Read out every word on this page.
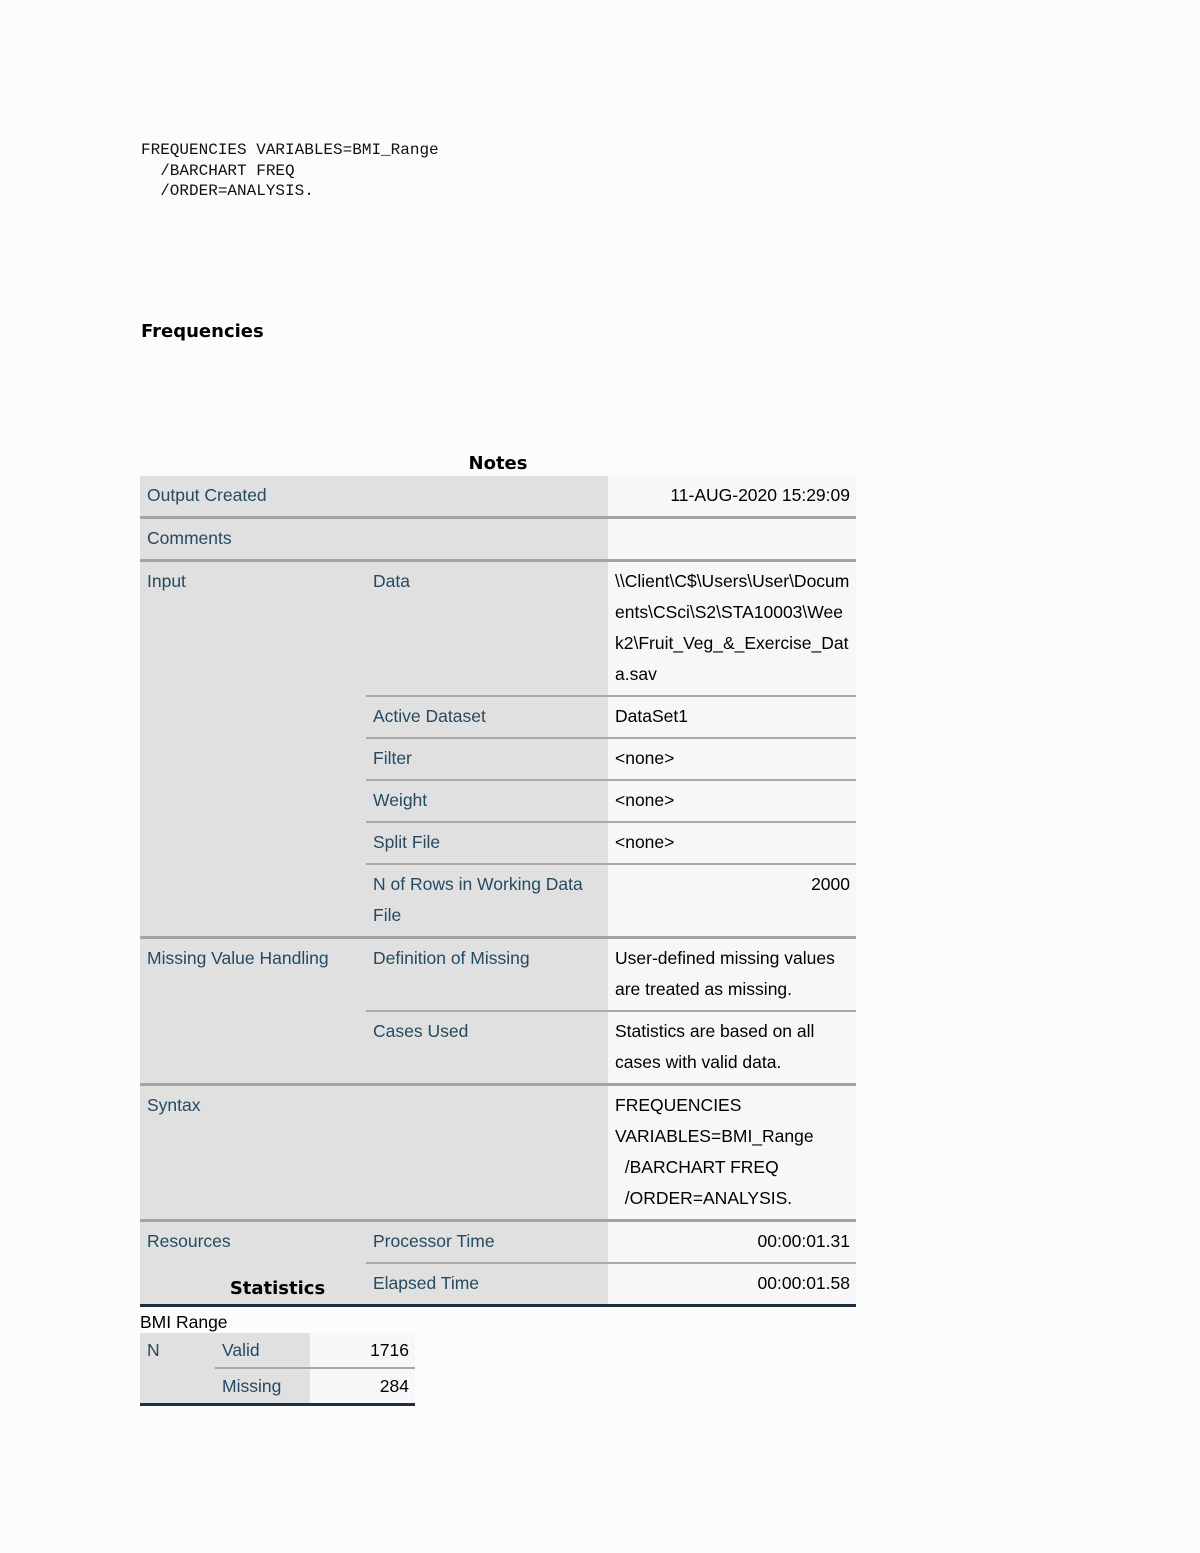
FREQUENCIES VARIABLES=BMI_Range
/BARCHART FREQ
/ORDER=ANALYSIS.
Frequencies
Notes
Output Created		11-AUG-2020 15:29:09
Comments		
Input	Data	\\Client\C$\Users\User\Documents\CSci\S2\STA10003\Week2\Fruit_Veg_&_Exercise_Data.sav
	Active Dataset	DataSet1
	Filter	<none>
	Weight	<none>
	Split File	<none>
	N of Rows in Working Data File	2000
Missing Value Handling	Definition of Missing	User-defined missing values are treated as missing.
	Cases Used	Statistics are based on all cases with valid data.
Syntax		FREQUENCIES VARIABLES=BMI_Range
/BARCHART FREQ
/ORDER=ANALYSIS.
Resources	Processor Time	00:00:01.31
	Elapsed Time	00:00:01.58
Statistics
BMI Range
N	Valid	1716
	Missing	284
